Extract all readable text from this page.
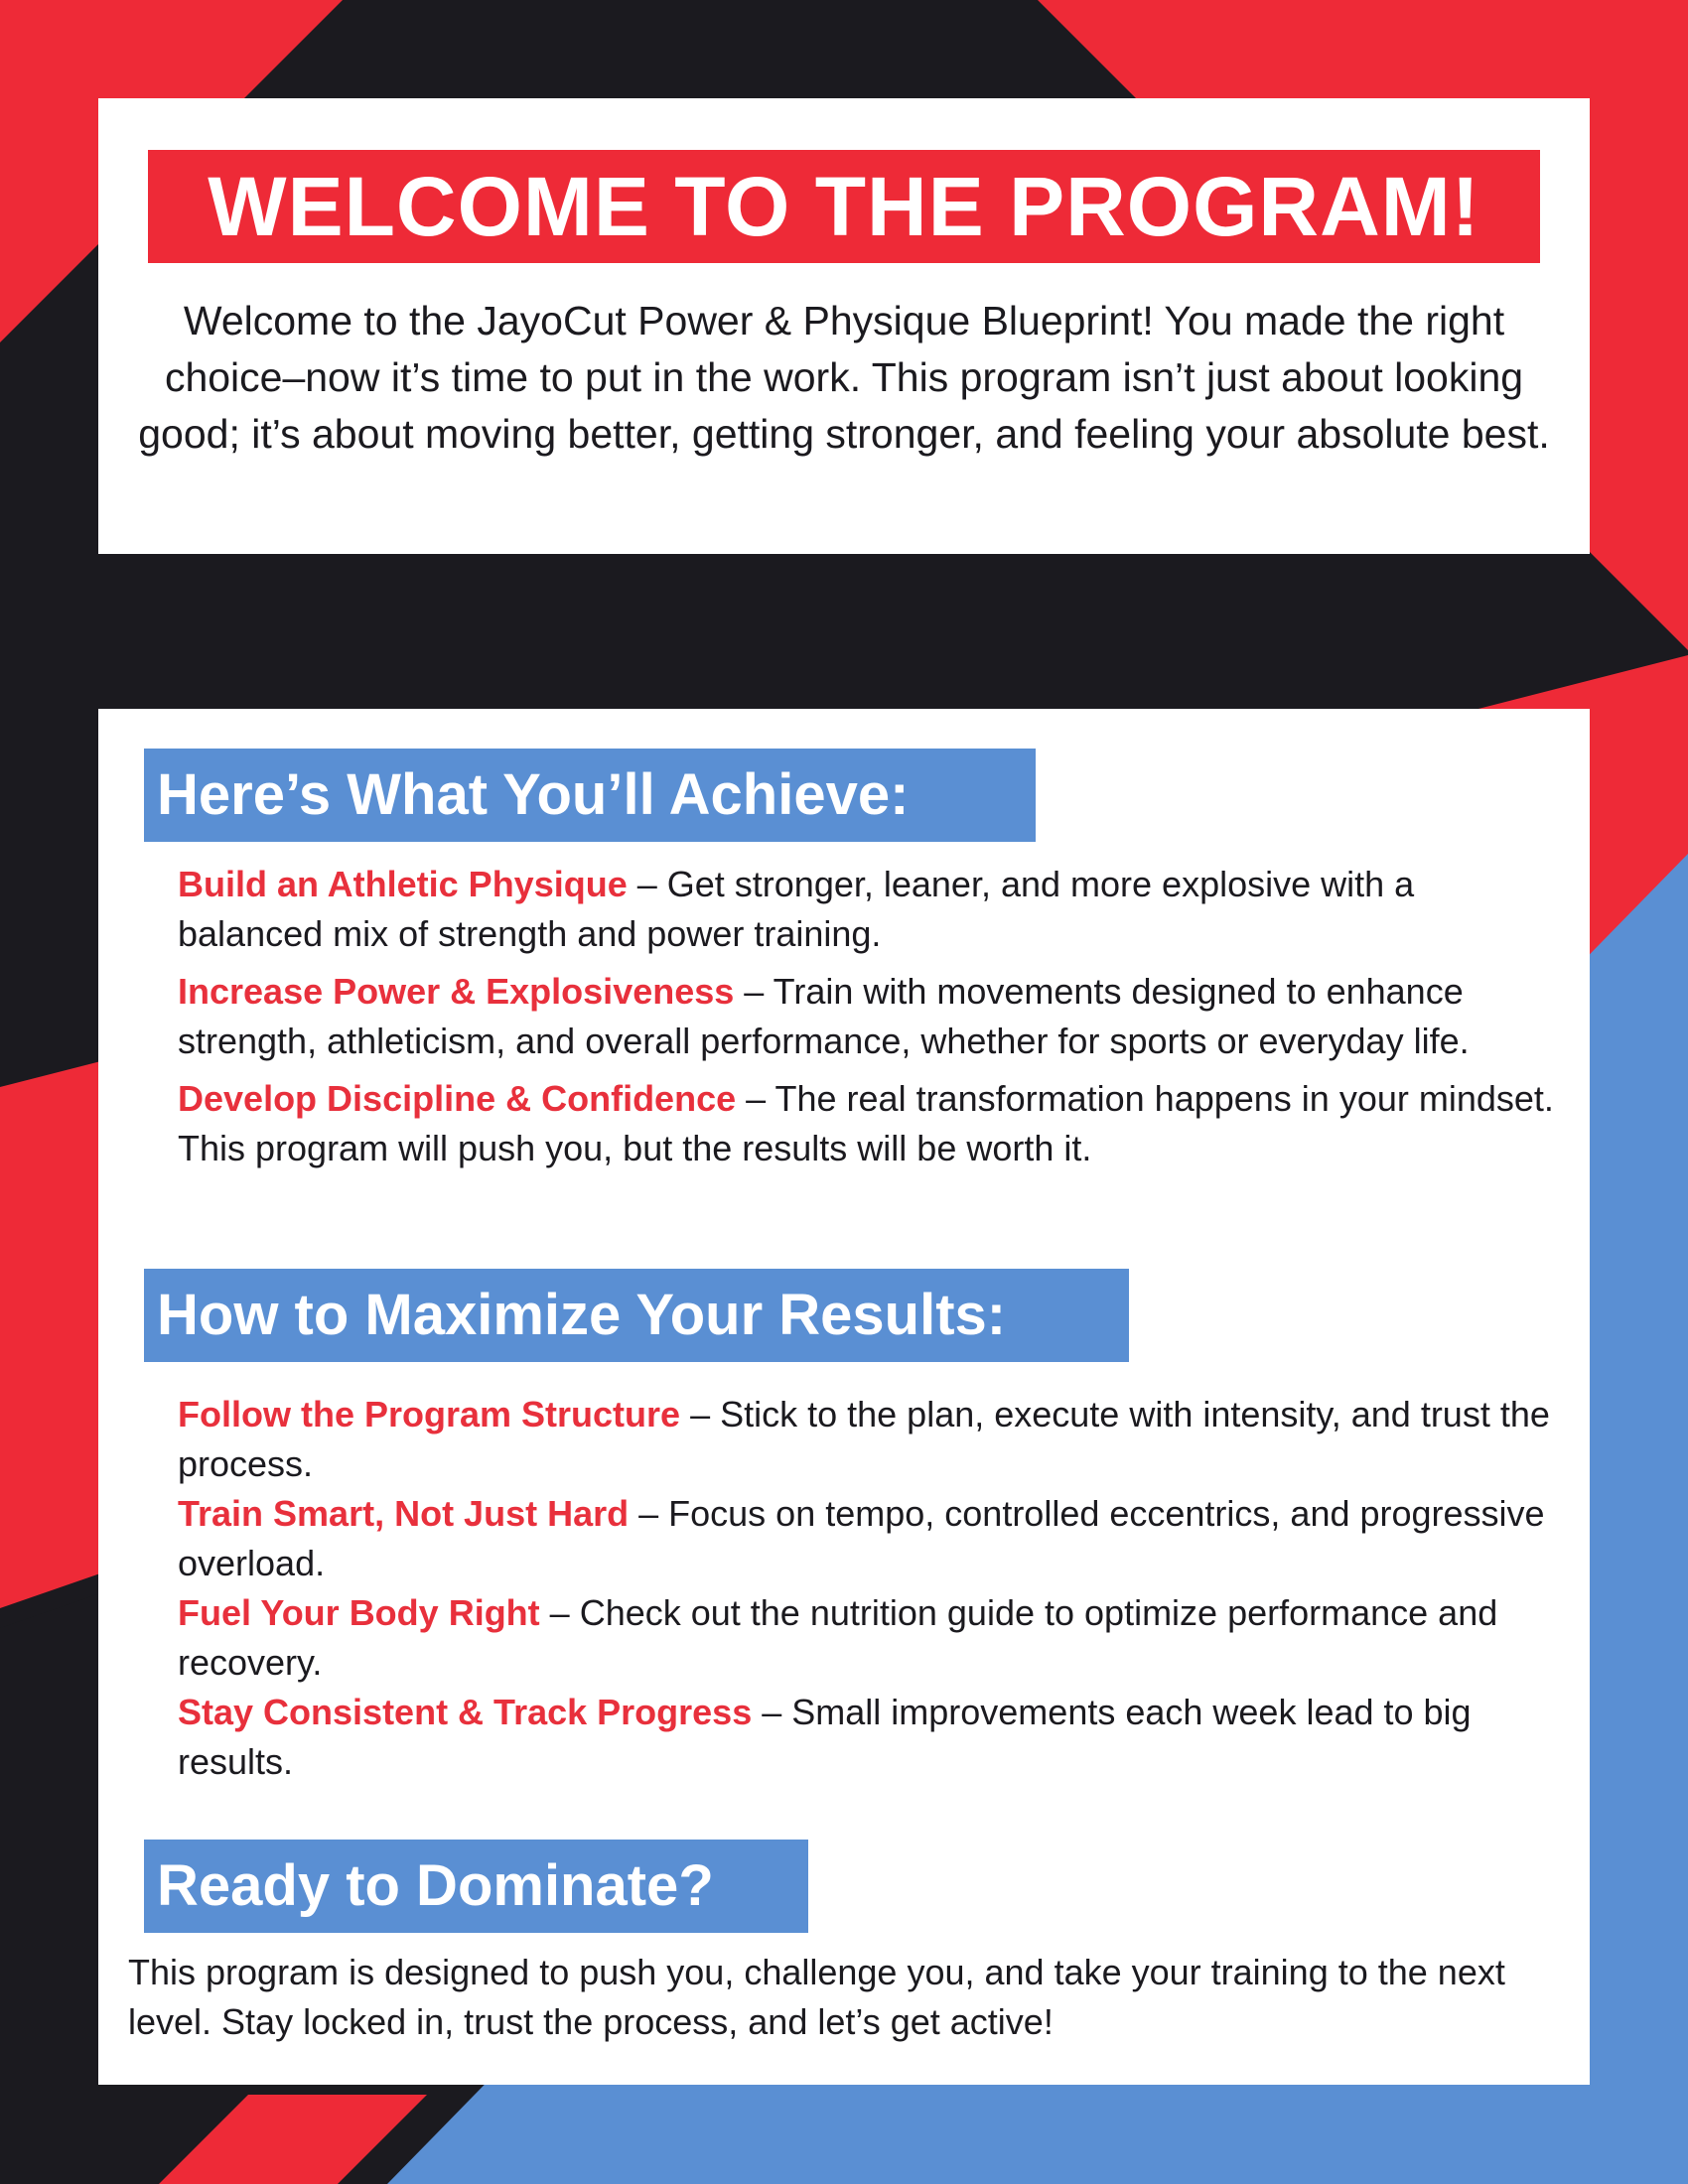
WELCOME TO THE PROGRAM!
Welcome to the JayoCut Power & Physique Blueprint! You made the right choice–now it’s time to put in the work. This program isn’t just about looking good; it’s about moving better, getting stronger, and feeling your absolute best.
Here’s What You’ll Achieve:
Build an Athletic Physique – Get stronger, leaner, and more explosive with a balanced mix of strength and power training.
Increase Power & Explosiveness – Train with movements designed to enhance strength, athleticism, and overall performance, whether for sports or everyday life.
Develop Discipline & Confidence – The real transformation happens in your mindset. This program will push you, but the results will be worth it.
How to Maximize Your Results:
Follow the Program Structure – Stick to the plan, execute with intensity, and trust the process.
Train Smart, Not Just Hard – Focus on tempo, controlled eccentrics, and progressive overload.
Fuel Your Body Right – Check out the nutrition guide to optimize performance and recovery.
Stay Consistent & Track Progress – Small improvements each week lead to big results.
Ready to Dominate?
This program is designed to push you, challenge you, and take your training to the next level. Stay locked in, trust the process, and let’s get active!
